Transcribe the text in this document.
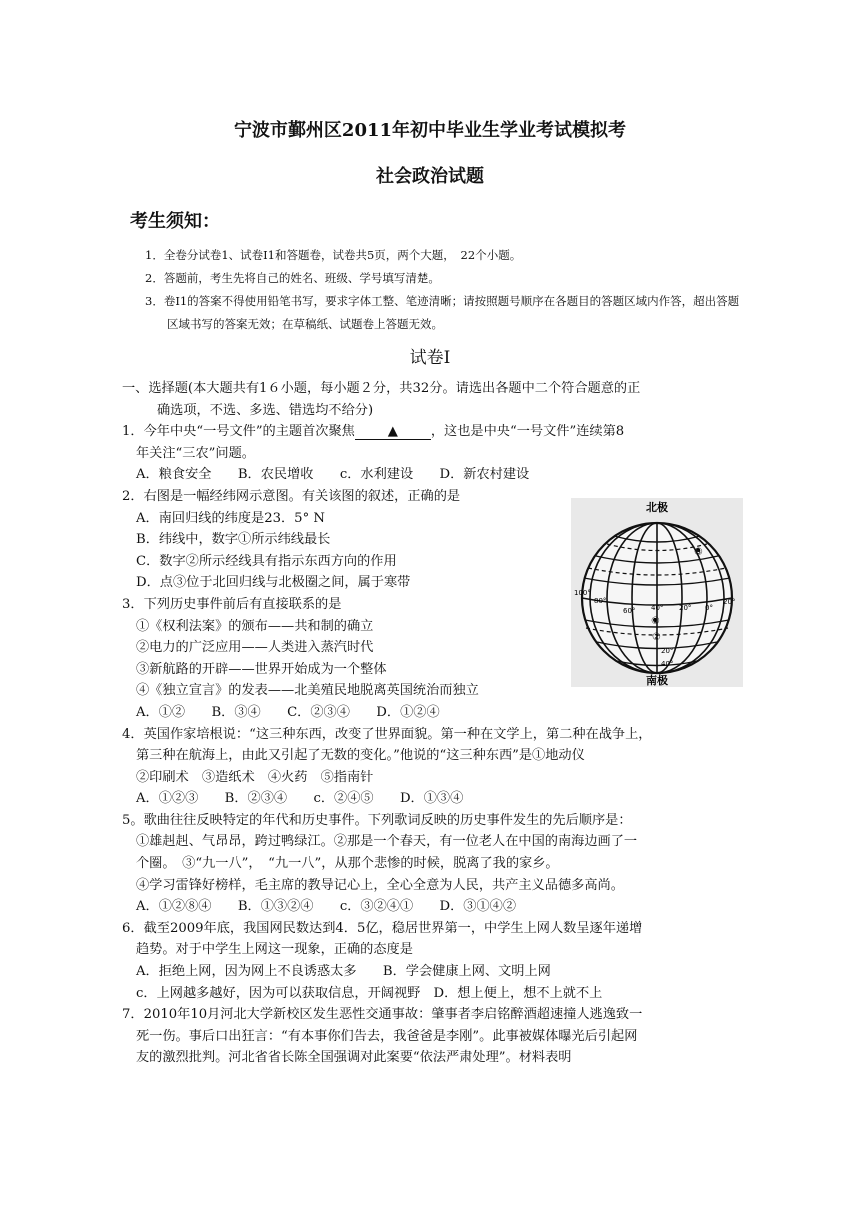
宁波市鄞州区2011年初中毕业生学业考试模拟考
社会政治试题
考生须知：
1．全卷分试卷1、试卷I1和答题卷，试卷共5页，两个大题，　22个小题。
2．答题前，考生先将自己的姓名、班级、学号填写清楚。
3．卷I1的答案不得使用铅笔书写，要求字体工整、笔迹清晰；请按照题号顺序在各题目的答题区域内作答，超出答题区域书写的答案无效；在草稿纸、试题卷上答题无效。
试卷Ⅰ
一、选择题(本大题共有1６小题，每小题２分，共32分。请选出各题中二个符合题意的正
确选项，不选、多选、错选均不给分)
1．今年中央“一号文件”的主题首次聚焦 ▲ ，这也是中央“一号文件”连续第8
年关注“三农”问题。
A．粮食安全　　B．农民增收　　c．水利建设　　D．新农村建设
2．右图是一幅经纬网示意图。有关该图的叙述，正确的是
A．南回归线的纬度是23．5° N
B．纬线中，数字①所示纬线最长
C．数字②所示经线具有指示东西方向的作用
D．点③位于北回归线与北极圈之间，属于寒带
3．下列历史事件前后有直接联系的是
①《权利法案》的颁布——共和制的确立
②电力的广泛应用——人类进入蒸汽时代
③新航路的开辟——世界开始成为一个整体
④《独立宣言》的发表——北美殖民地脱离英国统治而独立
A．①②　　B．③④　　C．②③④　　D．①②④
4．英国作家培根说：“这三种东西，改变了世界面貌。第一种在文学上，第二种在战争上，
第三种在航海上，由此又引起了无数的变化。”他说的“这三种东西”是①地动仪
②印刷术　③造纸术　④火药　⑤指南针
A．①②③　　B．②③④　　c．②④⑤　　D．①③④
5。歌曲往往反映特定的年代和历史事件。下列歌词反映的历史事件发生的先后顺序是：
①雄赳赳、气昂昂，跨过鸭绿江。②那是一个春天，有一位老人在中国的南海边画了一
个圈。　③“九一八”，　“九一八”，从那个悲惨的时候，脱离了我的家乡。
④学习雷锋好榜样，毛主席的教导记心上，全心全意为人民，共产主义品德多高尚。
A．①②⑧④　　B．①③②④　　c．③②④①　　D．③①④②
6．截至2009年底，我国网民数达到4．5亿，稳居世界第一，中学生上网人数呈逐年递增
趋势。对于中学生上网这一现象，正确的态度是
A．拒绝上网，因为网上不良诱惑太多　　B．学会健康上网、文明上网
c．上网越多越好，因为可以获取信息，开阔视野　D．想上便上，想不上就不上
7．2010年10月河北大学新校区发生恶性交通事故：肇事者李启铭醉酒超速撞人逃逸致一
死一伤。事后口出狂言：“有本事你们告去，我爸爸是李刚”。此事被媒体曝光后引起网
友的激烈批判。河北省省长陈全国强调对此案要“依法严肃处理”。材料表明
北极
南极
100°
80°
60° 40° 20° 0°
20°
20°
40°
①
②
③
